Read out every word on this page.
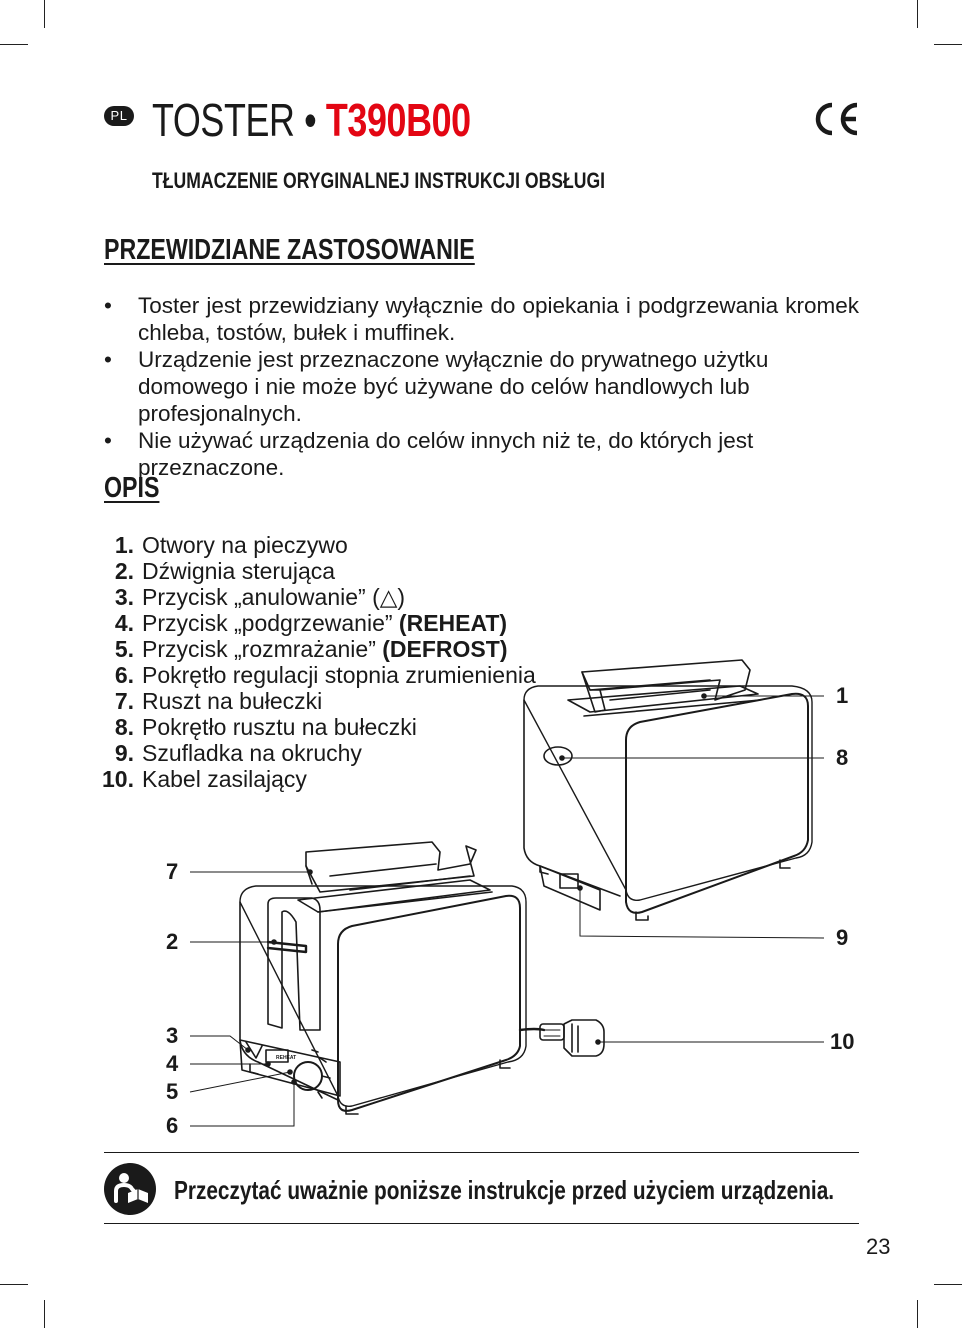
PL TOSTER • T390B00
TŁUMACZENIE ORYGINALNEJ INSTRUKCJI OBSŁUGI
PRZEWIDZIANE ZASTOSOWANIE
• Toster jest przewidziany wyłącznie do opiekania i podgrzewania kromek chleba, tostów, bułek i muffinek.
• Urządzenie jest przeznaczone wyłącznie do prywatnego użytku domowego i nie może być używane do celów handlowych lub profesjonalnych.
• Nie używać urządzenia do celów innych niż te, do których jest przeznaczone.
OPIS
1. Otwory na pieczywo
2. Dźwignia sterująca
3. Przycisk „anulowanie” (△)
4. Przycisk „podgrzewanie” (REHEAT)
5. Przycisk „rozmrażanie” (DEFROST)
6. Pokrętło regulacji stopnia zrumienienia
7. Ruszt na bułeczki
8. Pokrętło rusztu na bułeczki
9. Szufladka na okruchy
10. Kabel zasilający
REHEAT
1
8
7
2	9
3
4
5
10
6
Przeczytać uważnie poniższe instrukcje przed użyciem urządzenia.
23
